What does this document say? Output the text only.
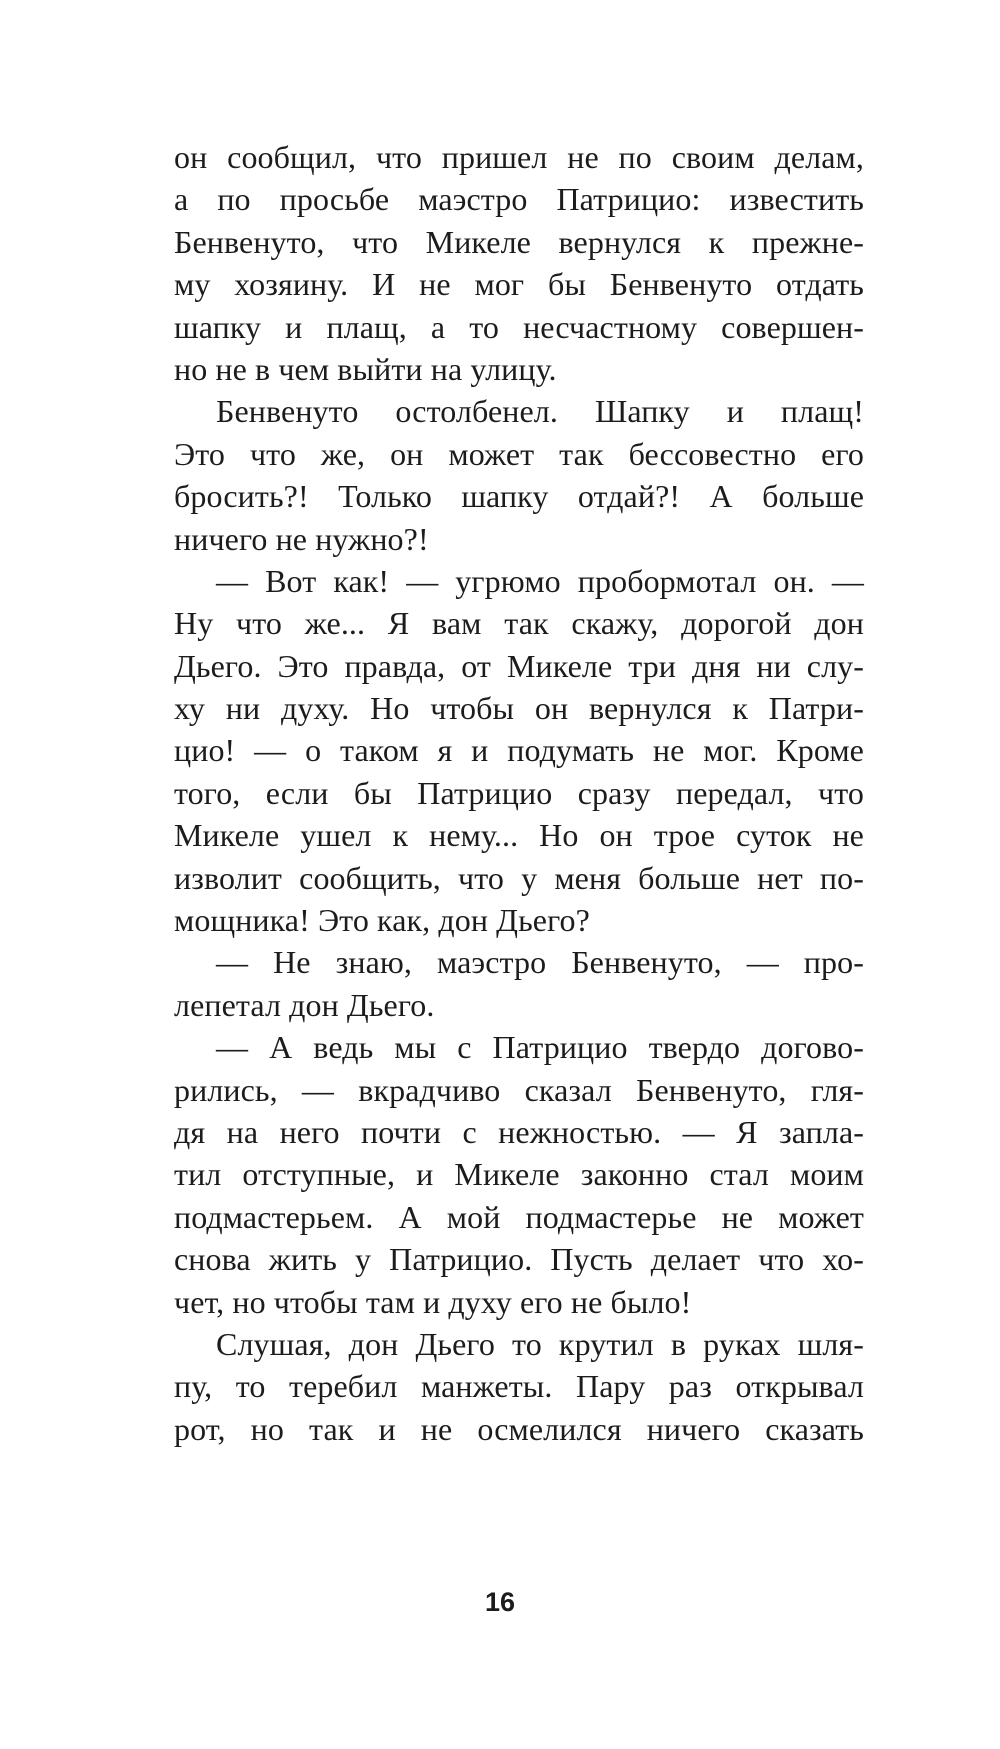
он сообщил, что пришел не по своим делам,
а по просьбе маэстро Патрицио: известить
Бенвенуто, что Микеле вернулся к прежне-
му хозяину. И не мог бы Бенвенуто отдать
шапку и плащ, а то несчастному совершен-
но не в чем выйти на улицу.
Бенвенуто остолбенел. Шапку и плащ!
Это что же, он может так бессовестно его
бросить?! Только шапку отдай?! А больше
ничего не нужно?!
— Вот как! — угрюмо пробормотал он. —
Ну что же... Я вам так скажу, дорогой дон
Дьего. Это правда, от Микеле три дня ни слу-
ху ни духу. Но чтобы он вернулся к Патри-
цио! — о таком я и подумать не мог. Кроме
того, если бы Патрицио сразу передал, что
Микеле ушел к нему... Но он трое суток не
изволит сообщить, что у меня больше нет по-
мощника! Это как, дон Дьего?
— Не знаю, маэстро Бенвенуто, — про-
лепетал дон Дьего.
— А ведь мы с Патрицио твердо догово-
рились, — вкрадчиво сказал Бенвенуто, гля-
дя на него почти с нежностью. — Я запла-
тил отступные, и Микеле законно стал моим
подмастерьем. А мой подмастерье не может
снова жить у Патрицио. Пусть делает что хо-
чет, но чтобы там и духу его не было!
Слушая, дон Дьего то крутил в руках шля-
пу, то теребил манжеты. Пару раз открывал
рот, но так и не осмелился ничего сказать
16
